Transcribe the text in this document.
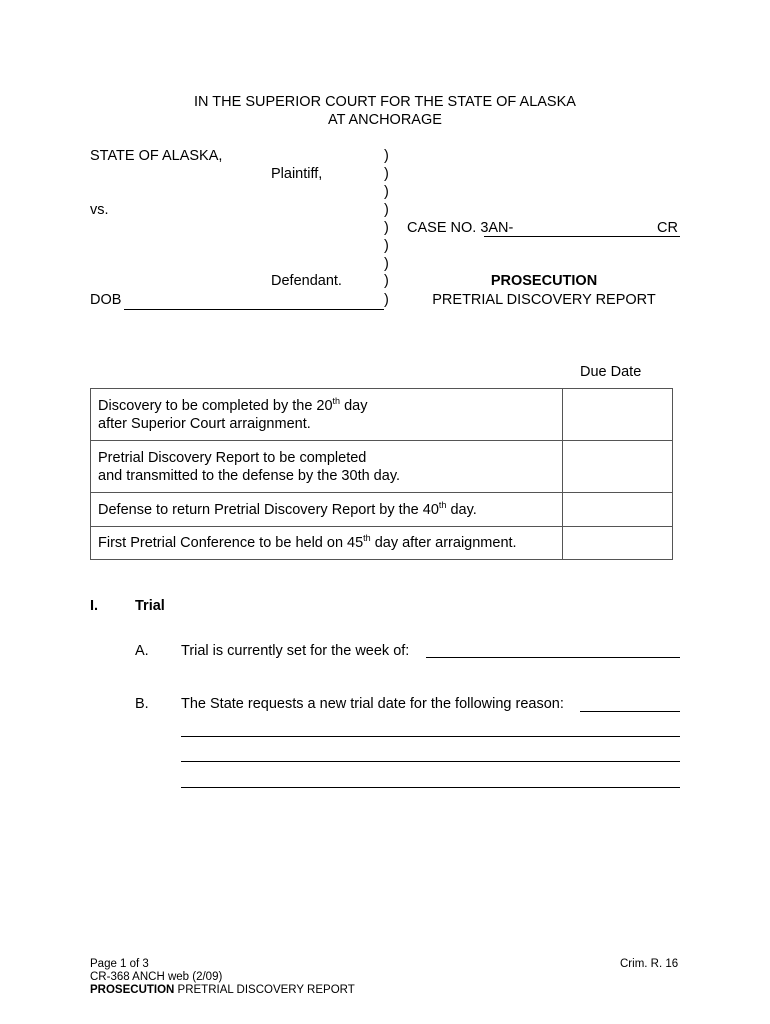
IN THE SUPERIOR COURT FOR THE STATE OF ALASKA
AT ANCHORAGE
STATE OF ALASKA,
Plaintiff,
vs.
Defendant.
DOB
)
)
)
)
)
)
)
)
)
CASE NO. 3AN-	CR
PROSECUTION
PRETRIAL DISCOVERY REPORT
Due Date
Discovery to be completed by the 20th day
after Superior Court arraignment.	

Pretrial Discovery Report to be completed
and transmitted to the defense by the 30th day.	

Defense to return Pretrial Discovery Report by the 40th day.	
First Pretrial Conference to be held on 45th day after arraignment.	
I.	Trial
A. Trial is currently set for the week of:
B. The State requests a new trial date for the following reason:
Page 1 of 3
CR-368 ANCH web (2/09)
PROSECUTION PRETRIAL DISCOVERY REPORT
Crim. R. 16
